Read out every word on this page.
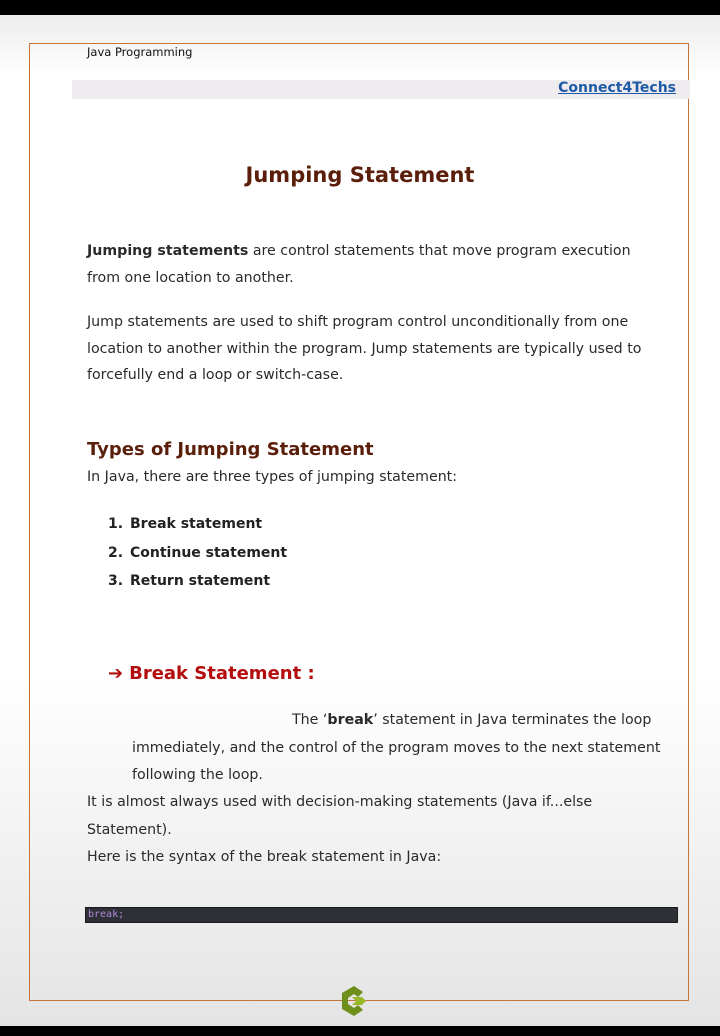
Java Programming
Connect4Techs
Jumping Statement
Jumping statements are control statements that move program execution from one location to another.
Jump statements are used to shift program control unconditionally from one location to another within the program. Jump statements are typically used to forcefully end a loop or switch-case.
Types of Jumping Statement
In Java, there are three types of jumping statement:
1. Break statement
2. Continue statement
3. Return statement
➔ Break Statement :
The ‘break’ statement in Java terminates the loop immediately, and the control of the program moves to the next statement following the loop.
It is almost always used with decision-making statements (Java if...else Statement).
Here is the syntax of the break statement in Java:
break;
